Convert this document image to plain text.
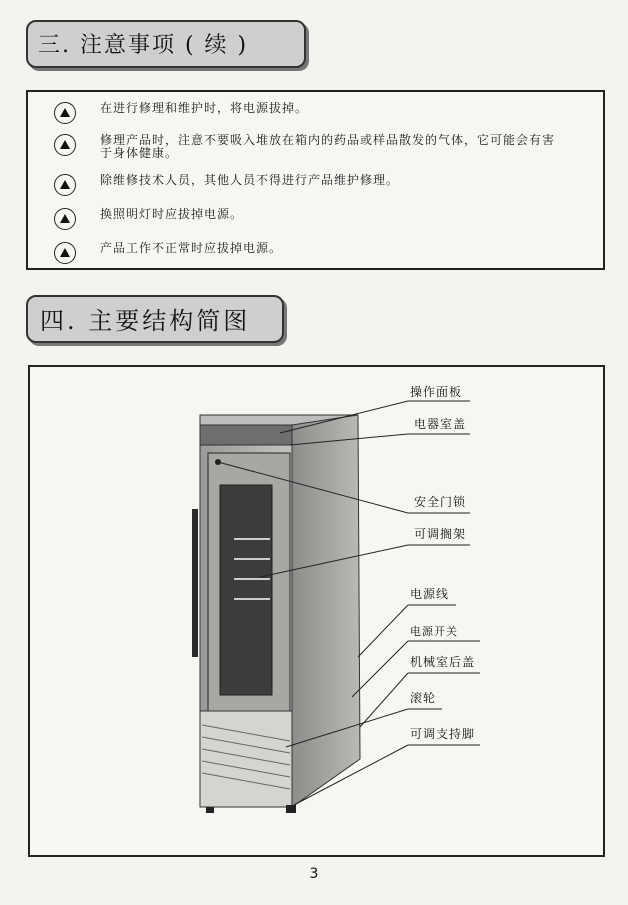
三. 注意事项 ( 续 )
在进行修理和维护时，将电源拔掉。
修理产品时，注意不要吸入堆放在箱内的药品或样品散发的气体，它可能会有害于身体健康。
除维修技术人员，其他人员不得进行产品维护修理。
换照明灯时应拔掉电源。
产品工作不正常时应拔掉电源。
四. 主要结构简图
操作面板
电器室盖
安全门锁
可调搁架
电源线
电源开关
机械室后盖
滚轮
可调支持脚
3
